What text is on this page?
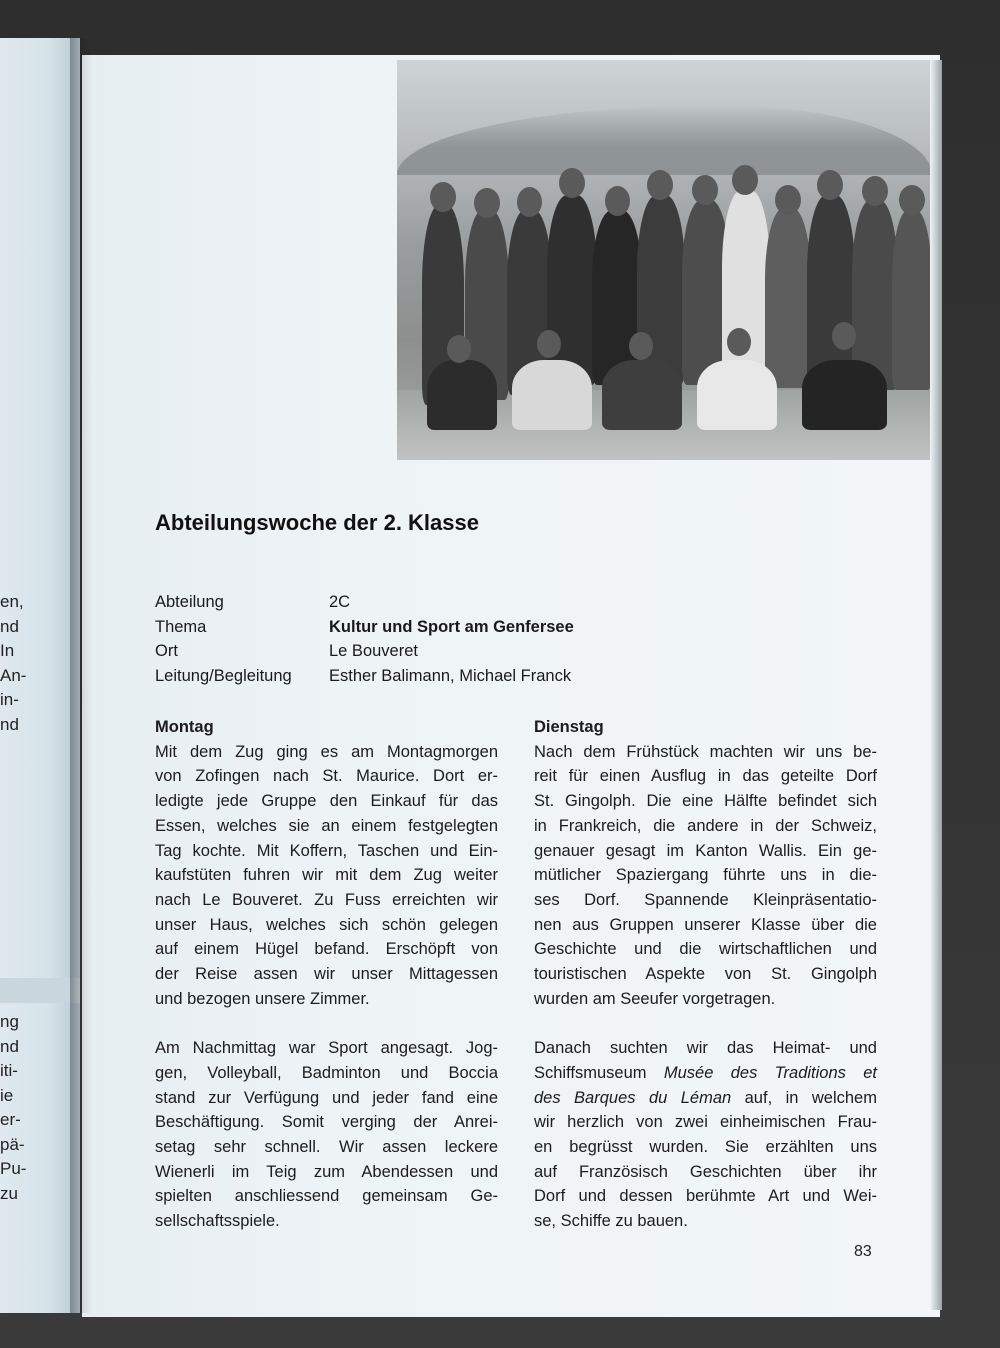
en,
nd
In
An-
in-
nd
ng
nd
iti-
ie
er-
pä-
Pu-
zu
Abteilungswoche der 2. Klasse
Abteilung	2C
Thema	Kultur und Sport am Genfersee
Ort	Le Bouveret
Leitung/Begleitung Esther Balimann, Michael Franck
Montag

Mit dem Zug ging es am Montagmorgen
von Zofingen nach St. Maurice. Dort er-
ledigte jede Gruppe den Einkauf für das
Essen, welches sie an einem festgelegten
Tag kochte. Mit Koffern, Taschen und Ein-
kaufstüten fuhren wir mit dem Zug weiter
nach Le Bouveret. Zu Fuss erreichten wir
unser Haus, welches sich schön gelegen
auf einem Hügel befand. Erschöpft von
der Reise assen wir unser Mittagessen
und bezogen unsere Zimmer.

Am Nachmittag war Sport angesagt. Jog-
gen, Volleyball, Badminton und Boccia
stand zur Verfügung und jeder fand eine
Beschäftigung. Somit verging der Anrei-
setag sehr schnell. Wir assen leckere
Wienerli im Teig zum Abendessen und
spielten anschliessend gemeinsam Ge-
sellschaftsspiele.

Dienstag

Nach dem Frühstück machten wir uns be-
reit für einen Ausflug in das geteilte Dorf
St. Gingolph. Die eine Hälfte befindet sich
in Frankreich, die andere in der Schweiz,
genauer gesagt im Kanton Wallis. Ein ge-
mütlicher Spaziergang führte uns in die-
ses Dorf. Spannende Kleinpräsentatio-
nen aus Gruppen unserer Klasse über die
Geschichte und die wirtschaftlichen und
touristischen Aspekte von St. Gingolph
wurden am Seeufer vorgetragen.

Danach suchten wir das Heimat- und
Schiffsmuseum Musée des Traditions et
des Barques du Léman auf, in welchem
wir herzlich von zwei einheimischen Frau-
en begrüsst wurden. Sie erzählten uns
auf Französisch Geschichten über ihr
Dorf und dessen berühmte Art und Wei-
se, Schiffe zu bauen.

83
